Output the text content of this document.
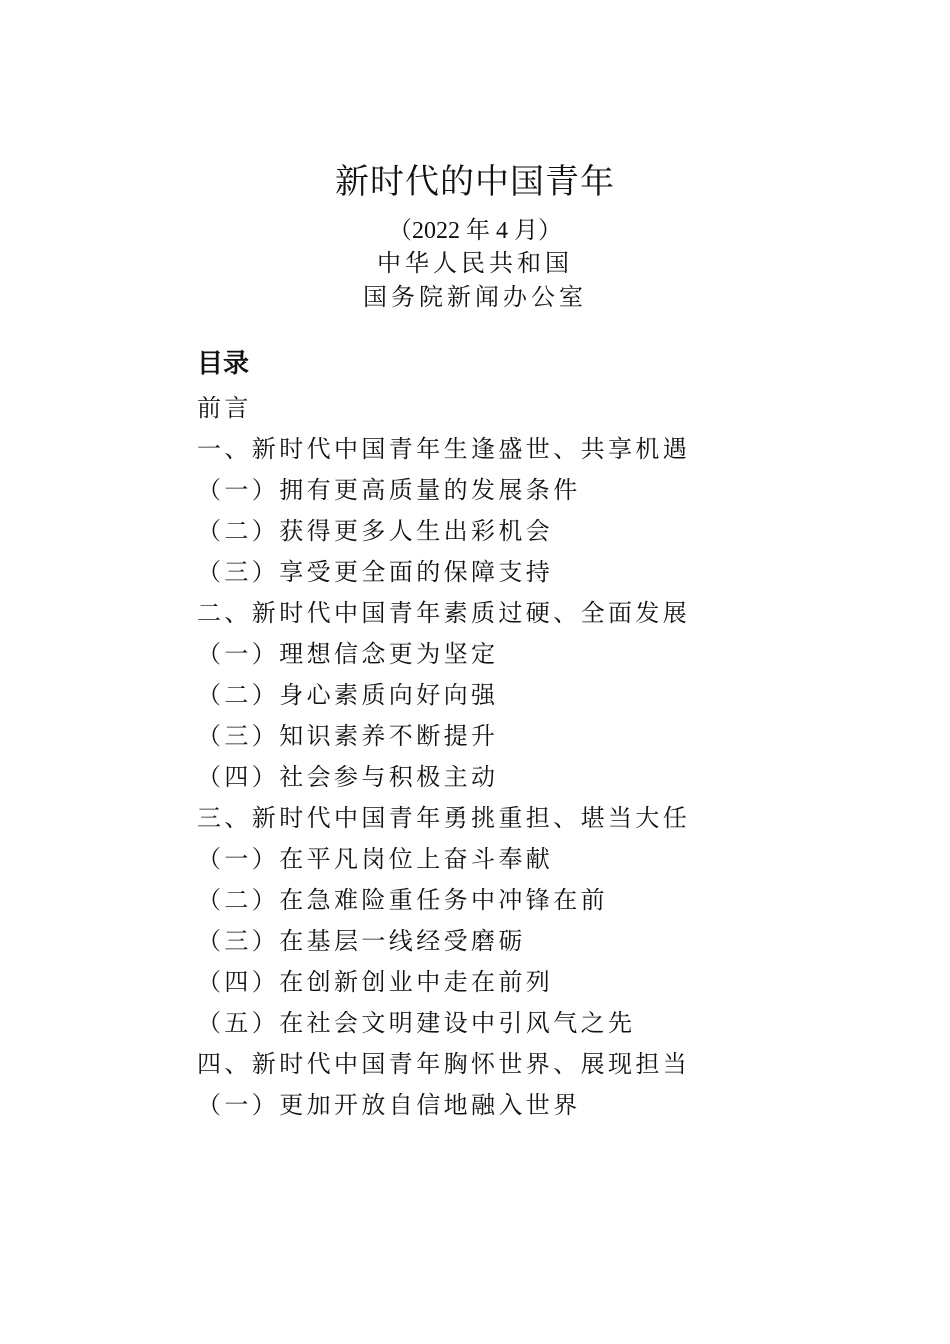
新时代的中国青年
（2022 年 4 月）
中华人民共和国
国务院新闻办公室
目录
前言
一、新时代中国青年生逢盛世、共享机遇
（一）拥有更高质量的发展条件
（二）获得更多人生出彩机会
（三）享受更全面的保障支持
二、新时代中国青年素质过硬、全面发展
（一）理想信念更为坚定
（二）身心素质向好向强
（三）知识素养不断提升
（四）社会参与积极主动
三、新时代中国青年勇挑重担、堪当大任
（一）在平凡岗位上奋斗奉献
（二）在急难险重任务中冲锋在前
（三）在基层一线经受磨砺
（四）在创新创业中走在前列
（五）在社会文明建设中引风气之先
四、新时代中国青年胸怀世界、展现担当
（一）更加开放自信地融入世界
